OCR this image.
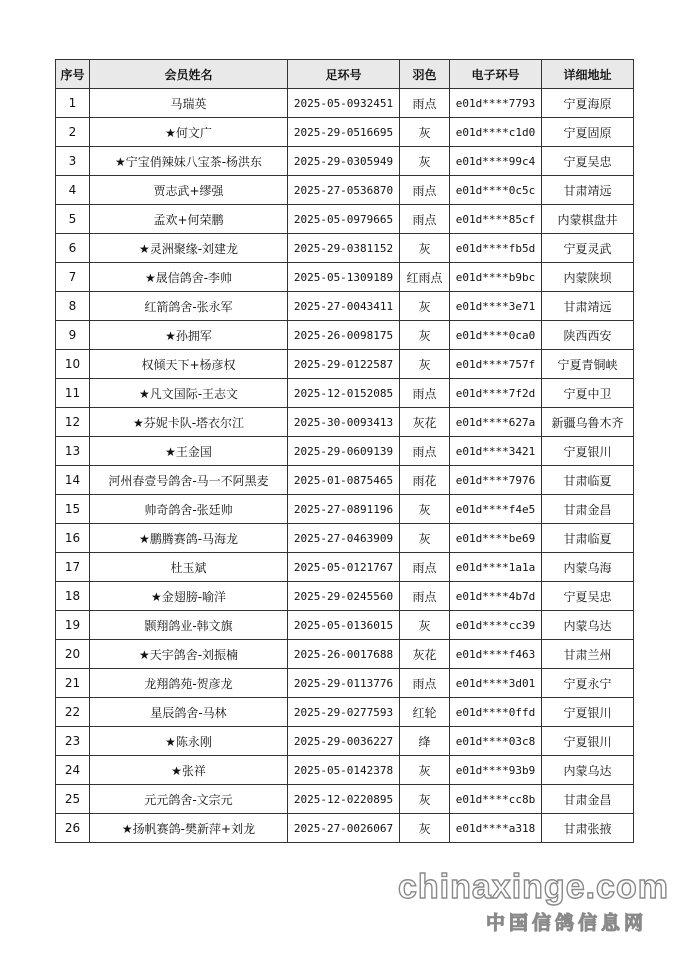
序号	会员姓名	足环号	羽色	电子环号	详细地址
1	马瑞英	2025-05-0932451	雨点	e01d****7793	宁夏海原
2	★何文广	2025-29-0516695	灰	e01d****c1d0	宁夏固原
3	★宁宝俏辣妹八宝茶-杨洪东	2025-29-0305949	灰	e01d****99c4	宁夏吴忠
4	贾志武+缪强	2025-27-0536870	雨点	e01d****0c5c	甘肃靖远
5	孟欢+何荣鹏	2025-05-0979665	雨点	e01d****85cf	内蒙棋盘井
6	★灵洲聚缘-刘建龙	2025-29-0381152	灰	e01d****fb5d	宁夏灵武
7	★晟信鸽舍-李帅	2025-05-1309189	红雨点	e01d****b9bc	内蒙陕坝
8	红箭鸽舍-张永军	2025-27-0043411	灰	e01d****3e71	甘肃靖远
9	★孙拥军	2025-26-0098175	灰	e01d****0ca0	陕西西安
10	权倾天下+杨彦权	2025-29-0122587	灰	e01d****757f	宁夏青铜峡
11	★凡文国际-王志文	2025-12-0152085	雨点	e01d****7f2d	宁夏中卫
12	★芬妮卡队-塔衣尔江	2025-30-0093413	灰花	e01d****627a	新疆乌鲁木齐
13	★王金国	2025-29-0609139	雨点	e01d****3421	宁夏银川
14	河州春壹号鸽舍-马一不阿黑麦	2025-01-0875465	雨花	e01d****7976	甘肃临夏
15	帅奇鸽舍-张廷帅	2025-27-0891196	灰	e01d****f4e5	甘肃金昌
16	★鹏腾赛鸽-马海龙	2025-27-0463909	灰	e01d****be69	甘肃临夏
17	杜玉斌	2025-05-0121767	雨点	e01d****1a1a	内蒙乌海
18	★金翅膀-喻洋	2025-29-0245560	雨点	e01d****4b7d	宁夏吴忠
19	颢翔鸽业-韩文旗	2025-05-0136015	灰	e01d****cc39	内蒙乌达
20	★天宇鸽舍-刘振楠	2025-26-0017688	灰花	e01d****f463	甘肃兰州
21	龙翔鸽苑-贺彦龙	2025-29-0113776	雨点	e01d****3d01	宁夏永宁
22	星辰鸽舍-马林	2025-29-0277593	红轮	e01d****0ffd	宁夏银川
23	★陈永刚	2025-29-0036227	绛	e01d****03c8	宁夏银川
24	★张祥	2025-05-0142378	灰	e01d****93b9	内蒙乌达
25	元元鸽舍-文宗元	2025-12-0220895	灰	e01d****cc8b	甘肃金昌
26	★扬帆赛鸽-樊新萍+刘龙	2025-27-0026067	灰	e01d****a318	甘肃张掖
chinaxinge.com
中国信鸽信息网
